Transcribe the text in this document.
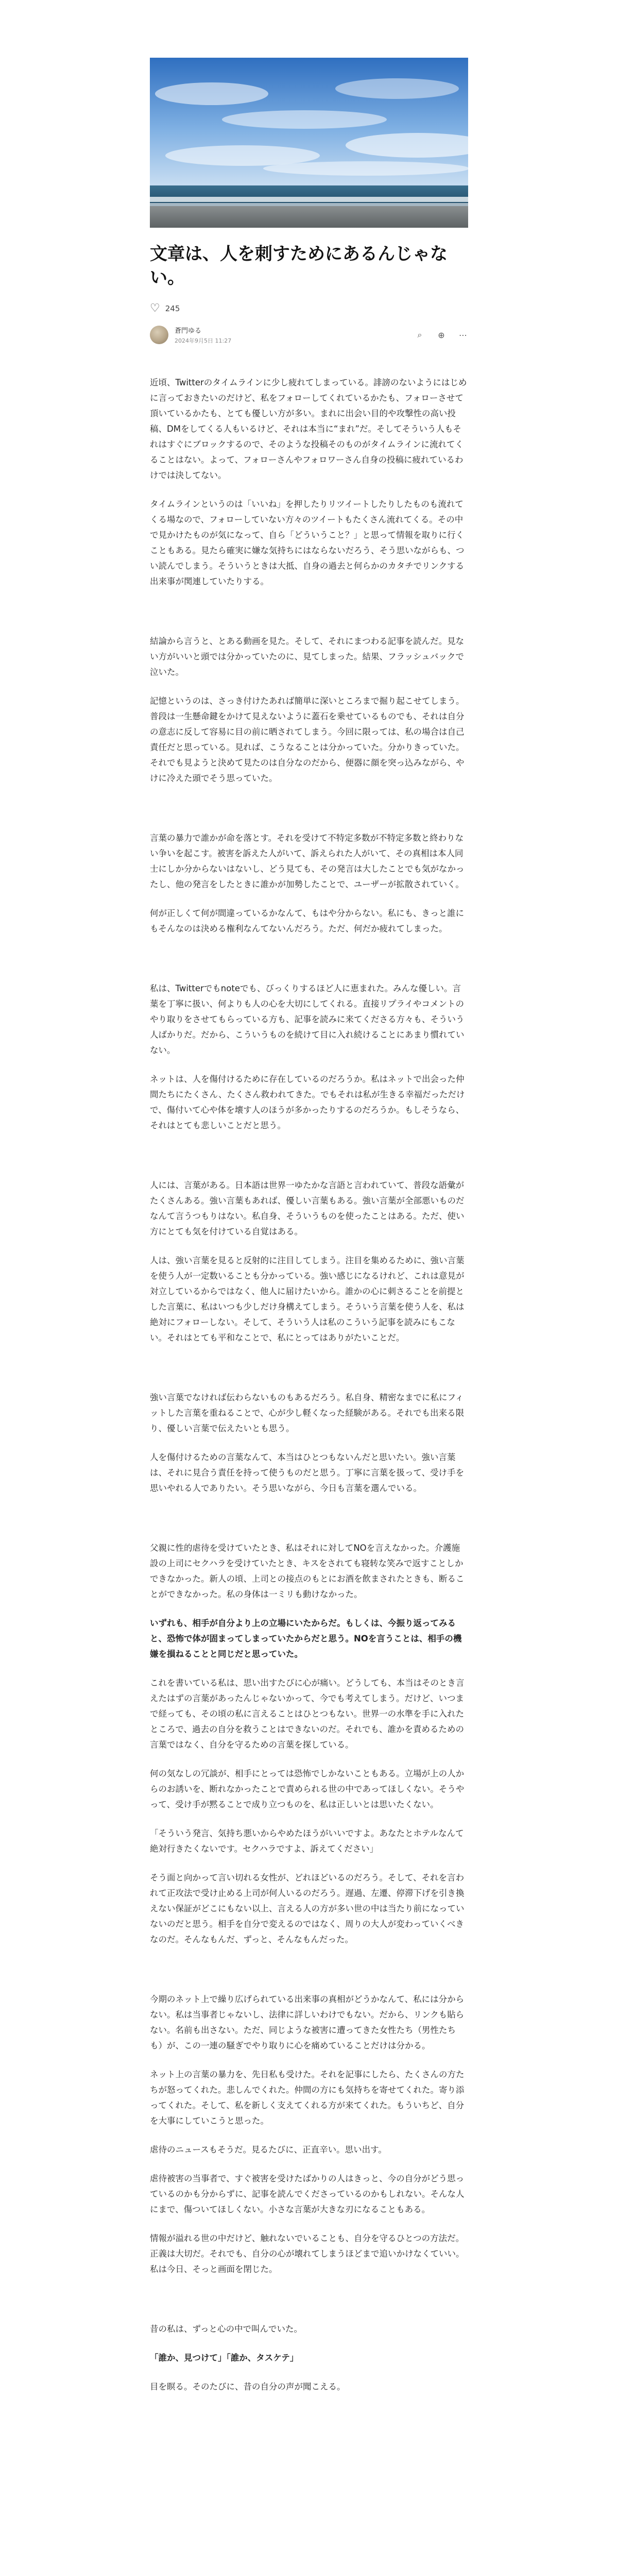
文章は、人を刺すためにあるんじゃない。
♡ 245
蒼門ゆる
2024年9月5日 11:27
⌕	⊕ ⋯

近頃、Twitterのタイムラインに少し疲れてしまっている。誹謗のないようにはじめに言っておきたいのだけど、私をフォローしてくれているかたも、フォローさせて頂いているかたも、とても優しい方が多い。まれに出会い目的や攻撃性の高い投稿、DMをしてくる人もいるけど、それは本当に“まれ”だ。そしてそういう人もそれはすぐにブロックするので、そのような投稿そのものがタイムラインに流れてくることはない。よって、フォローさんやフォロワーさん自身の投稿に疲れているわけでは決してない。

タイムラインというのは「いいね」を押したりリツイートしたりしたものも流れてくる場なので、フォローしていない方々のツイートもたくさん流れてくる。その中で見かけたものが気になって、自ら「どういうこと？」と思って情報を取りに行くこともある。見たら確実に嫌な気持ちにはならないだろう、そう思いながらも、つい読んでしまう。そういうときは大抵、自身の過去と何らかのカタチでリンクする出来事が関連していたりする。

結論から言うと、とある動画を見た。そして、それにまつわる記事を読んだ。見ない方がいいと頭では分かっていたのに、見てしまった。結果、フラッシュバックで泣いた。

記憶というのは、さっき付けたあれば簡単に深いところまで掘り起こせてしまう。普段は一生懸命鍵をかけて見えないように蓋石を乗せているものでも、それは自分の意志に反して容易に目の前に晒されてしまう。今回に限っては、私の場合は自己責任だと思っている。見れば、こうなることは分かっていた。分かりきっていた。それでも見ようと決めて見たのは自分なのだから、便器に顔を突っ込みながら、やけに冷えた頭でそう思っていた。

言葉の暴力で誰かが命を落とす。それを受けて不特定多数が不特定多数と終わりない争いを起こす。被害を訴えた人がいて、訴えられた人がいて、その真相は本人同士にしか分からないはないし、どう見ても、その発言は大したことでも気がなかったし、他の発言をしたときに誰かが加勢したことで、ユーザーが拡散されていく。

何が正しくて何が間違っているかなんて、もはや分からない。私にも、きっと誰にもそんなのは決める権利なんてないんだろう。ただ、何だか疲れてしまった。

私は、Twitterでもnoteでも、びっくりするほど人に恵まれた。みんな優しい。言葉を丁寧に扱い、何よりも人の心を大切にしてくれる。直接リプライやコメントのやり取りをさせてもらっている方も、記事を読みに来てくださる方々も、そういう人ばかりだ。だから、こういうものを続けて目に入れ続けることにあまり慣れていない。

ネットは、人を傷付けるために存在しているのだろうか。私はネットで出会った仲間たちにたくさん、たくさん救われてきた。でもそれは私が生きる幸福だっただけで、傷付いて心や体を壊す人のほうが多かったりするのだろうか。もしそうなら、それはとても悲しいことだと思う。

人には、言葉がある。日本語は世界一ゆたかな言語と言われていて、普段な語彙がたくさんある。強い言葉もあれば、優しい言葉もある。強い言葉が全部悪いものだなんて言うつもりはない。私自身、そういうものを使ったことはある。ただ、使い方にとても気を付けている自覚はある。

人は、強い言葉を見ると反射的に注目してしまう。注目を集めるために、強い言葉を使う人が一定数いることも分かっている。強い感じになるけれど、これは意見が対立しているからではなく、他人に届けたいから。誰かの心に刺さることを前提とした言葉に、私はいつも少しだけ身構えてしまう。そういう言葉を使う人を、私は絶対にフォローしない。そして、そういう人は私のこういう記事を読みにもこない。それはとても平和なことで、私にとってはありがたいことだ。

強い言葉でなければ伝わらないものもあるだろう。私自身、精密なまでに私にフィットした言葉を重ねることで、心が少し軽くなった経験がある。それでも出来る限り、優しい言葉で伝えたいとも思う。

人を傷付けるための言葉なんて、本当はひとつもないんだと思いたい。強い言葉は、それに見合う責任を持って使うものだと思う。丁寧に言葉を扱って、受け手を思いやれる人でありたい。そう思いながら、今日も言葉を選んでいる。

父親に性的虐待を受けていたとき、私はそれに対してNOを言えなかった。介護施設の上司にセクハラを受けていたとき、キスをされても寝转な笑みで返すことしかできなかった。新人の頃、上司との接点のもとにお酒を飲まされたときも、断ることができなかった。私の身体は一ミリも動けなかった。

いずれも、相手が自分より上の立場にいたからだ。もしくは、今振り返ってみると、恐怖で体が固まってしまっていたからだと思う。NOを言うことは、相手の機嫌を損ねることと同じだと思っていた。

これを書いている私は、思い出すたびに心が痛い。どうしても、本当はそのとき言えたはずの言葉があったんじゃないかって、今でも考えてしまう。だけど、いつまで経っても、その頃の私に言えることはひとつもない。世界一の水準を手に入れたところで、過去の自分を救うことはできないのだ。それでも、誰かを責めるための言葉ではなく、自分を守るための言葉を探している。

何の気なしの冗談が、相手にとっては恐怖でしかないこともある。立場が上の人からのお誘いを、断れなかったことで責められる世の中であってほしくない。そうやって、受け手が黙ることで成り立つものを、私は正しいとは思いたくない。

「そういう発言、気持ち悪いからやめたほうがいいですよ。あなたとホテルなんて絶対行きたくないです。セクハラですよ、訴えてください」

そう面と向かって言い切れる女性が、どれほどいるのだろう。そして、それを言われて正攻法で受け止める上司が何人いるのだろう。遅過、左遷、停滞下げを引き換えない保証がどこにもない以上、言える人の方が多い世の中は当たり前になっていないのだと思う。相手を自分で変えるのではなく、周りの大人が変わっていくべきなのだ。そんなもんだ、ずっと、そんなもんだった。

今期のネット上で繰り広げられている出来事の真相がどうかなんて、私には分からない。私は当事者じゃないし、法律に詳しいわけでもない。だから、リンクも貼らない。名前も出さない。ただ、同じような被害に遭ってきた女性たち（男性たちも）が、この一連の騒ぎでやり取りに心を痛めていることだけは分かる。

ネット上の言葉の暴力を、先日私も受けた。それを記事にしたら、たくさんの方たちが怒ってくれた。悲しんでくれた。仲間の方にも気持ちを寄せてくれた。寄り添ってくれた。そして、私を新しく支えてくれる方が来てくれた。もういちど、自分を大事にしていこうと思った。

虐待のニュースもそうだ。見るたびに、正直辛い。思い出す。

虐待被害の当事者で、すぐ被害を受けたばかりの人はきっと、今の自分がどう思っているのかも分からずに、記事を読んでくださっているのかもしれない。そんな人にまで、傷ついてほしくない。小さな言葉が大きな刃になることもある。

情報が溢れる世の中だけど、触れないでいることも、自分を守るひとつの方法だ。正義は大切だ。それでも、自分の心が壊れてしまうほどまで追いかけなくていい。私は今日、そっと画面を閉じた。

昔の私は、ずっと心の中で叫んでいた。

「誰か、見つけて」「誰か、タスケテ」

目を瞑る。そのたびに、昔の自分の声が聞こえる。
